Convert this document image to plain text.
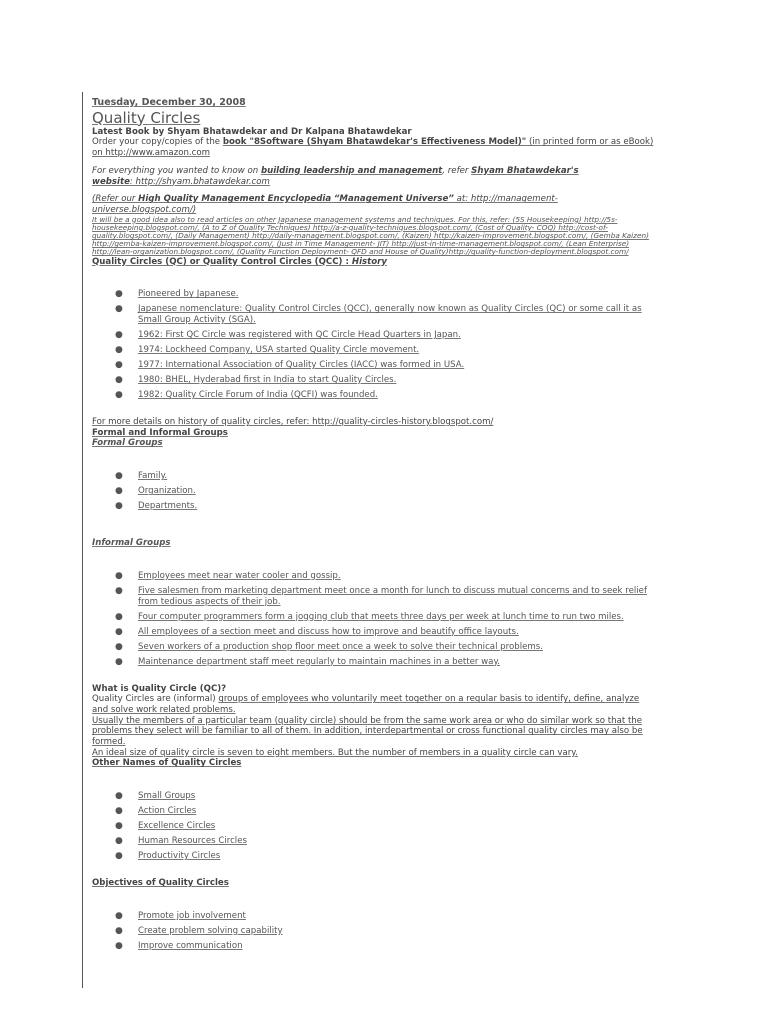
Tuesday, December 30, 2008
Quality Circles
Latest Book by Shyam Bhatawdekar and Dr Kalpana Bhatawdekar
Order your copy/copies of the book "8Software (Shyam Bhatawdekar's Effectiveness Model)" (in printed form or as eBook)
on http://www.amazon.com
For everything you wanted to know on building leadership and management, refer Shyam Bhatawdekar's
website: http://shyam.bhatawdekar.com
(Refer our High Quality Management Encyclopedia “Management Universe” at: http://management-universe.blogspot.com/)
It will be a good idea also to read articles on other Japanese management systems and techniques. For this, refer: (5S Housekeeping) http://5s-housekeeping.blogspot.com/, (A to Z of Quality Techniques) http://a-z-quality-techniques.blogspot.com/, (Cost of Quality- COQ) http://cost-of-quality.blogspot.com/, (Daily Management) http://daily-management.blogspot.com/, (Kaizen) http://kaizen-improvement.blogspot.com/, (Gemba Kaizen) http://gemba-kaizen-improvement.blogspot.com/, (Just in Time Management- JIT) http://just-in-time-management.blogspot.com/, (Lean Enterprise) http://lean-organization.blogspot.com/, (Quality Function Deployment- QFD and House of Quality)http://quality-function-deployment.blogspot.com/
Quality Circles (QC) or Quality Control Circles (QCC) : History
● Pioneered by Japanese.
● Japanese nomenclature: Quality Control Circles (QCC), generally now known as Quality Circles (QC) or some call it as Small Group Activity (SGA).
● 1962: First QC Circle was registered with QC Circle Head Quarters in Japan.
● 1974: Lockheed Company, USA started Quality Circle movement.
● 1977: International Association of Quality Circles (IACC) was formed in USA.
● 1980: BHEL, Hyderabad first in India to start Quality Circles.
● 1982: Quality Circle Forum of India (QCFI) was founded.
For more details on history of quality circles, refer: http://quality-circles-history.blogspot.com/
Formal and Informal Groups
Formal Groups
● Family.
● Organization.
● Departments.
Informal Groups
● Employees meet near water cooler and gossip.
● Five salesmen from marketing department meet once a month for lunch to discuss mutual concerns and to seek relief from tedious aspects of their job.
● Four computer programmers form a jogging club that meets three days per week at lunch time to run two miles.
● All employees of a section meet and discuss how to improve and beautify office layouts.
● Seven workers of a production shop floor meet once a week to solve their technical problems.
● Maintenance department staff meet regularly to maintain machines in a better way.
What is Quality Circle (QC)?
Quality Circles are (informal) groups of employees who voluntarily meet together on a regular basis to identify, define, analyze and solve work related problems.
Usually the members of a particular team (quality circle) should be from the same work area or who do similar work so that the problems they select will be familiar to all of them. In addition, interdepartmental or cross functional quality circles may also be formed.
An ideal size of quality circle is seven to eight members. But the number of members in a quality circle can vary.
Other Names of Quality Circles
● Small Groups
● Action Circles
● Excellence Circles
● Human Resources Circles
● Productivity Circles
Objectives of Quality Circles
● Promote job involvement
● Create problem solving capability
● Improve communication
